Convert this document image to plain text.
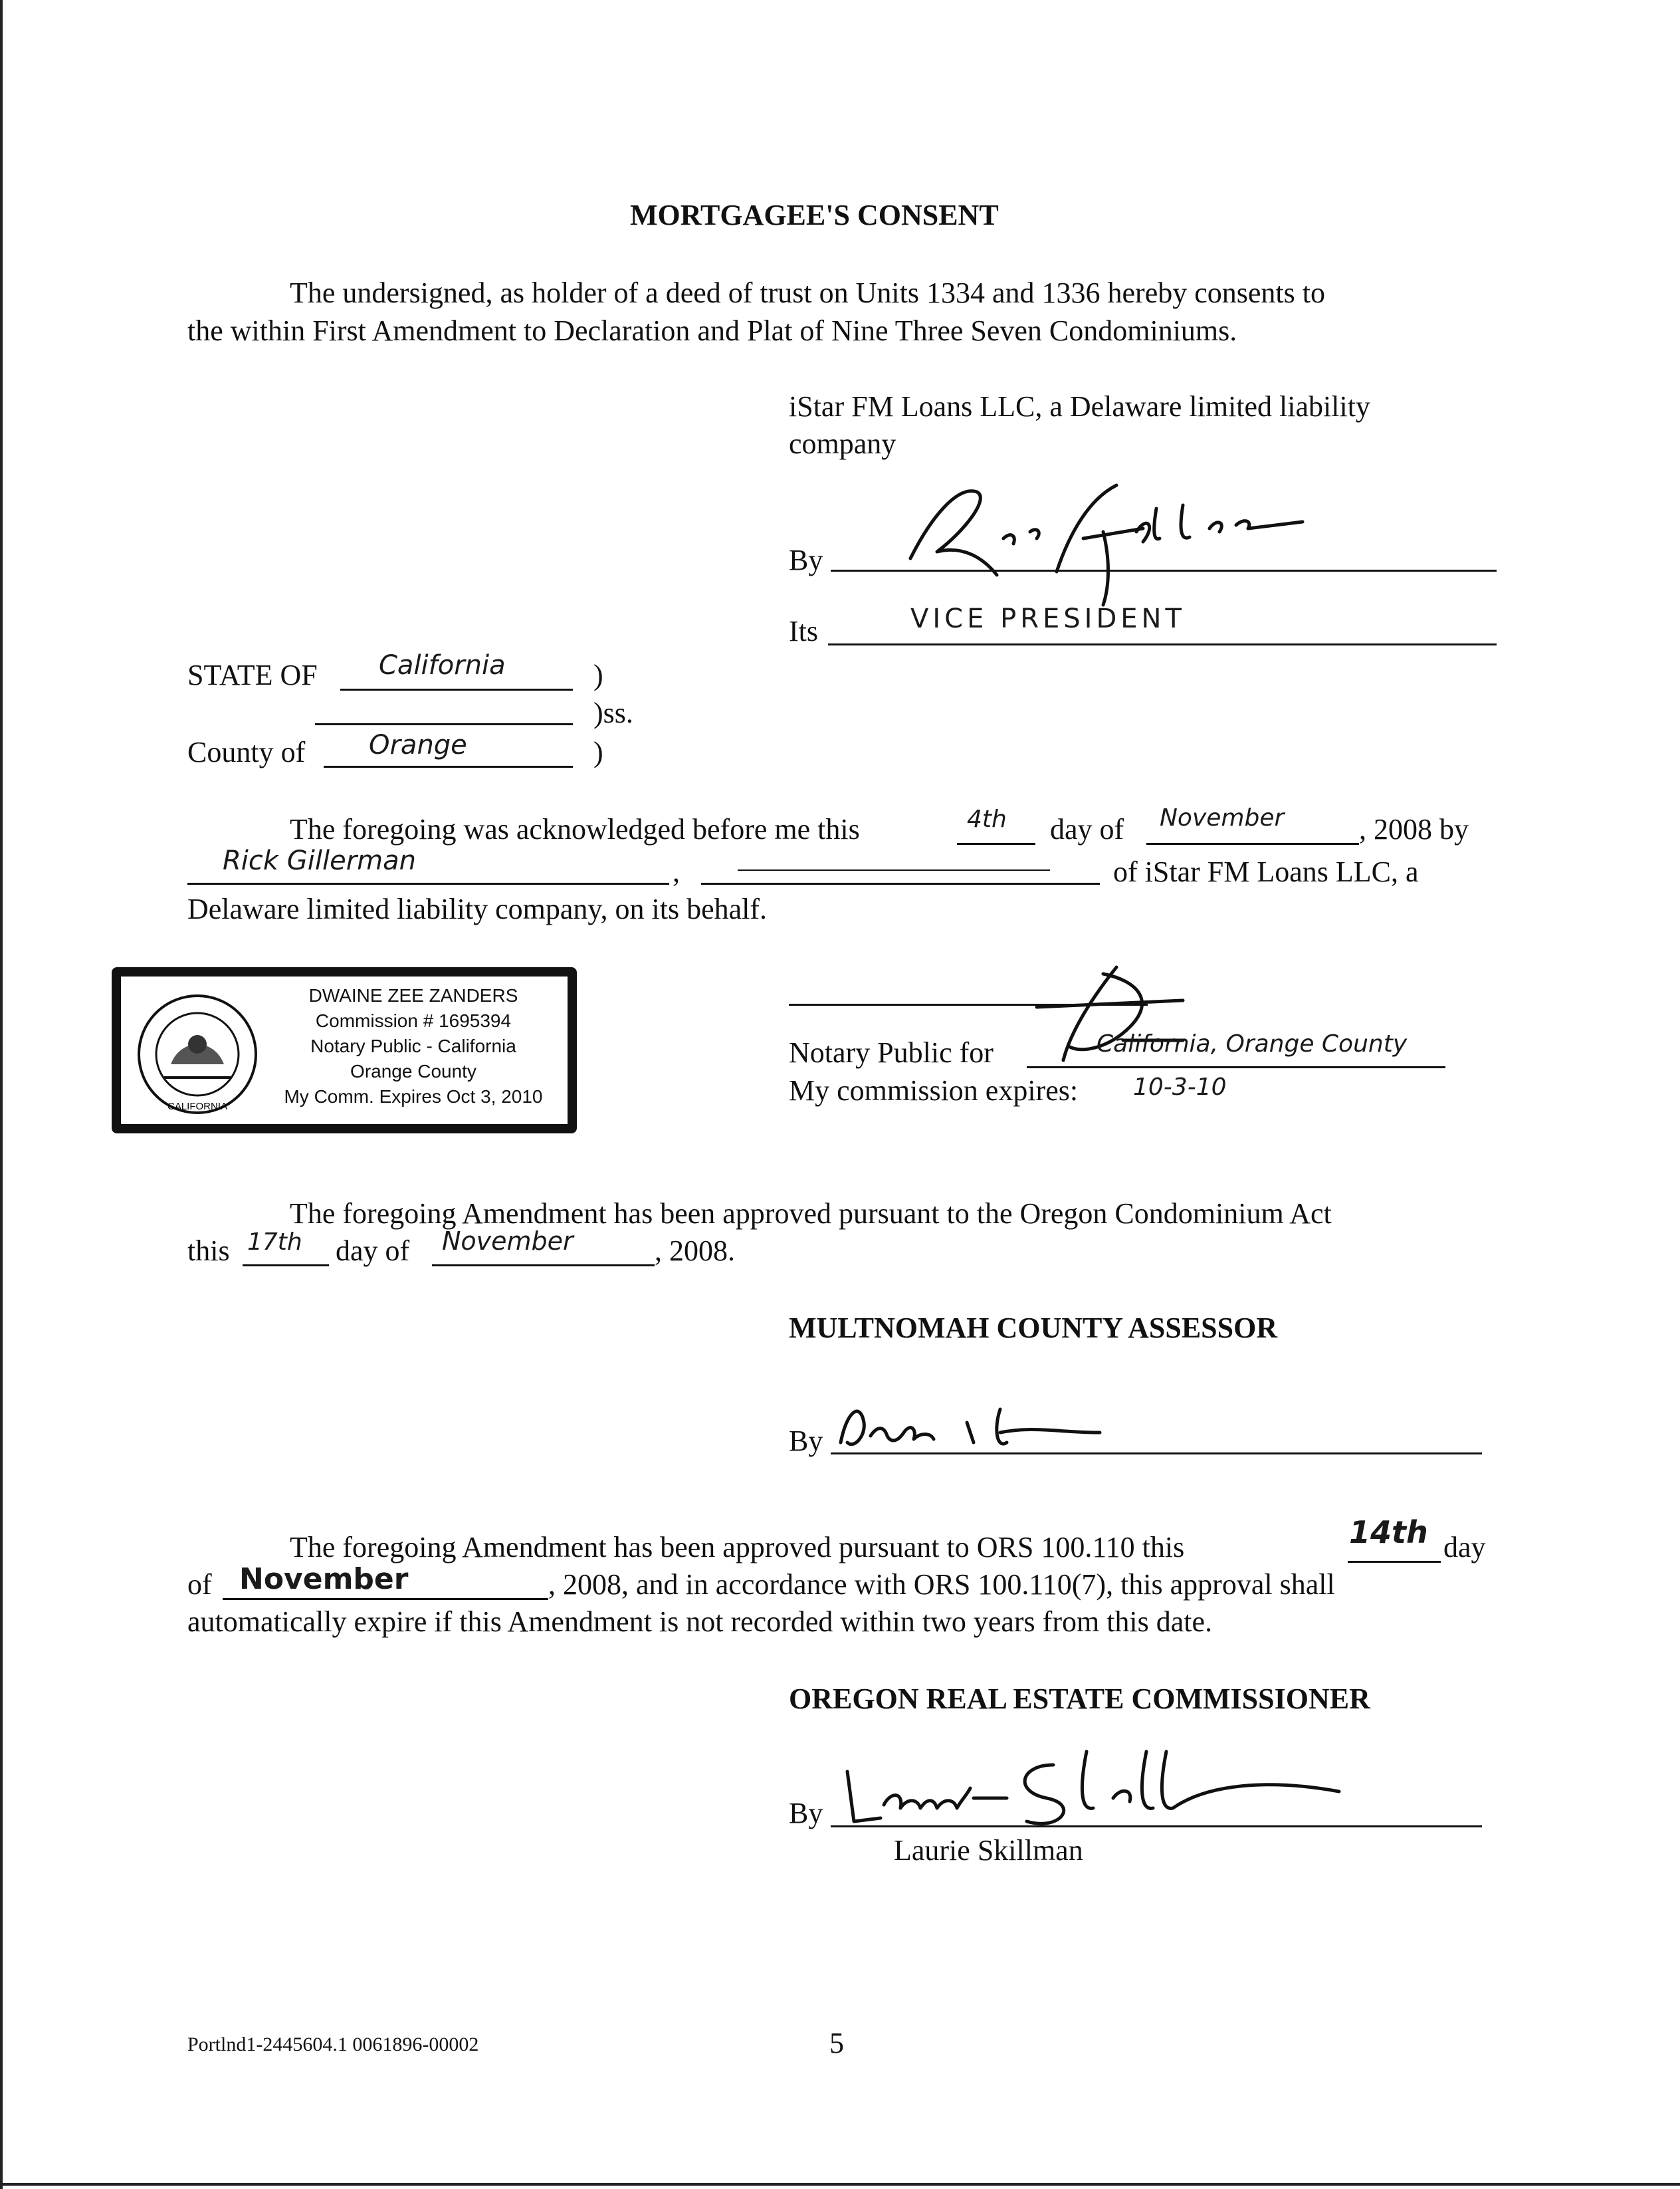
MORTGAGEE'S CONSENT
The undersigned, as holder of a deed of trust on Units 1334 and 1336 hereby consents to
the within First Amendment to Declaration and Plat of Nine Three Seven Condominiums.
iStar FM Loans LLC, a Delaware limited liability
company
By
Its	VICE PRESIDENT
STATE OF California	)
)ss.
County of Orange	)
The foregoing was acknowledged before me this	4th day of November	, 2008 by
Rick Gillerman	,	of iStar FM Loans LLC, a
Delaware limited liability company, on its behalf.
CALIFORNIA
DWAINE ZEE ZANDERS
Commission # 1695394
Notary Public - California
Orange County
My Comm. Expires Oct 3, 2010
Notary Public for	California, Orange County
My commission expires: 10-3-10
The foregoing Amendment has been approved pursuant to the Oregon Condominium Act
this 17th day of November	, 2008.
MULTNOMAH COUNTY ASSESSOR
By
The foregoing Amendment has been approved pursuant to ORS 100.110 this	14th day
of November	, 2008, and in accordance with ORS 100.110(7), this approval shall
automatically expire if this Amendment is not recorded within two years from this date.
OREGON REAL ESTATE COMMISSIONER
By
Laurie Skillman
Portlnd1-2445604.1 0061896-00002	5
